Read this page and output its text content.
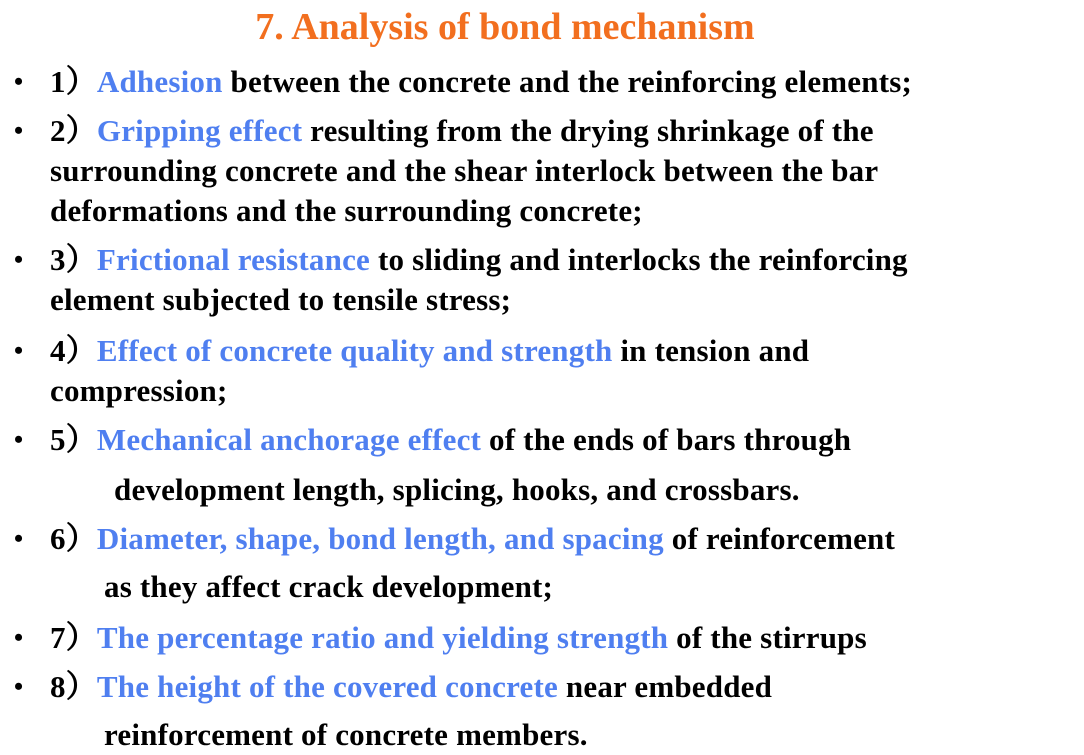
7. Analysis of bond mechanism
• 1）Adhesion between the concrete and the reinforcing elements;
• 2）Gripping effect resulting from the drying shrinkage of the
surrounding concrete and the shear interlock between the bar
deformations and the surrounding concrete;
• 3）Frictional resistance to sliding and interlocks the reinforcing
element subjected to tensile stress;
• 4）Effect of concrete quality and strength in tension and
compression;
• 5）Mechanical anchorage effect of the ends of bars through
development length, splicing, hooks, and crossbars.
• 6）Diameter, shape, bond length, and spacing of reinforcement
as they affect crack development;
• 7）The percentage ratio and yielding strength of the stirrups
• 8）The height of the covered concrete near embedded
reinforcement of concrete members.
